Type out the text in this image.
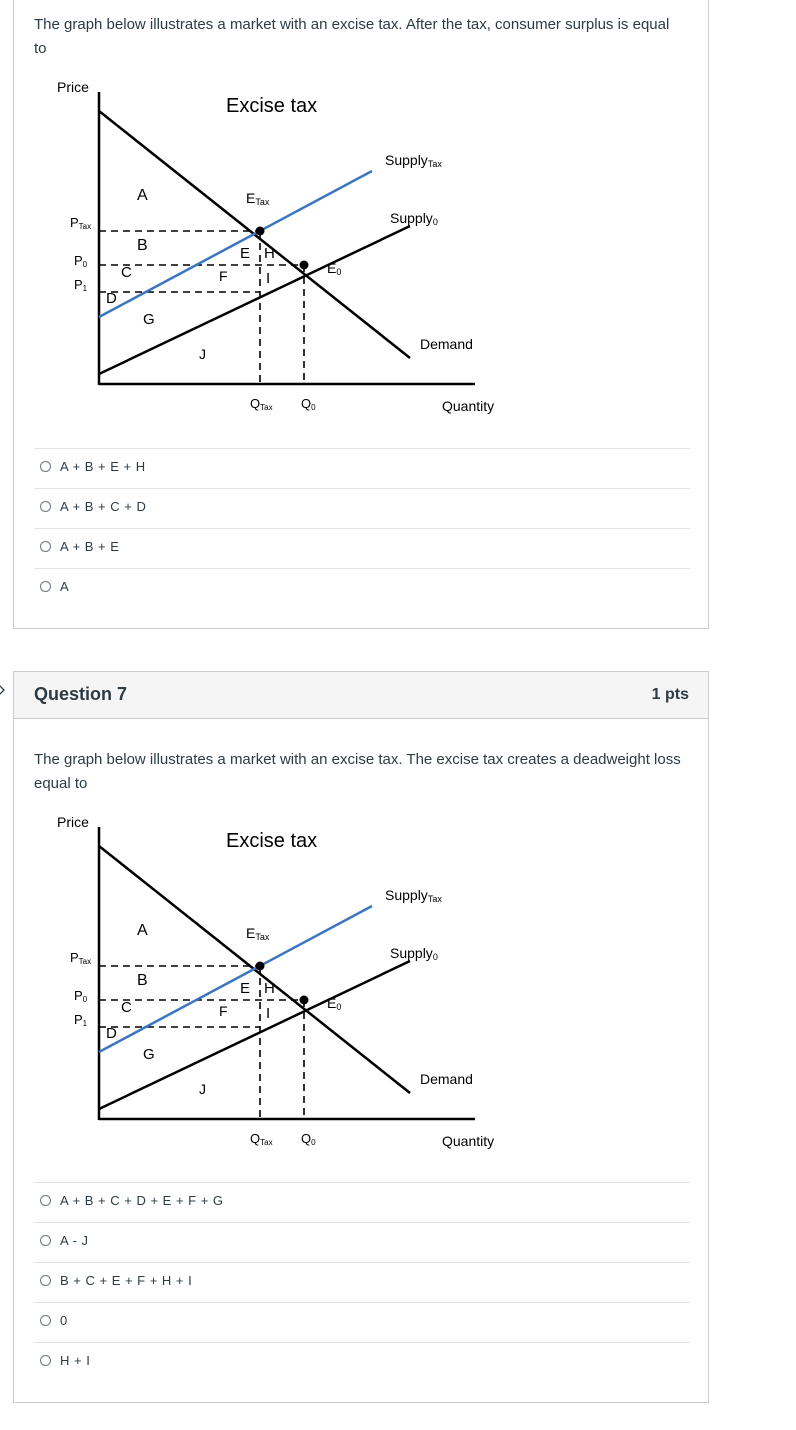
The graph below illustrates a market with an excise tax. After the tax, consumer surplus is equal to

Excise tax
Price
Quantity
PTax
P0
P1
QTax Q0
SupplyTax
Supply0
Demand
ETax
E0
A
B
C
D
E H
F	I
G
J
A + B + E + H
A + B + C + D
A + B + E
A
Question 7	1 pts

The graph below illustrates a market with an excise tax. The excise tax creates a deadweight loss equal to

Excise tax
Price
Quantity
PTax
P0
P1
QTax Q0
SupplyTax
Supply0
Demand
ETax
E0
A
B
C
D
E H
F	I
G
J
A + B + C + D + E + F + G
A - J
B + C + E + F + H + I
0
H + I
